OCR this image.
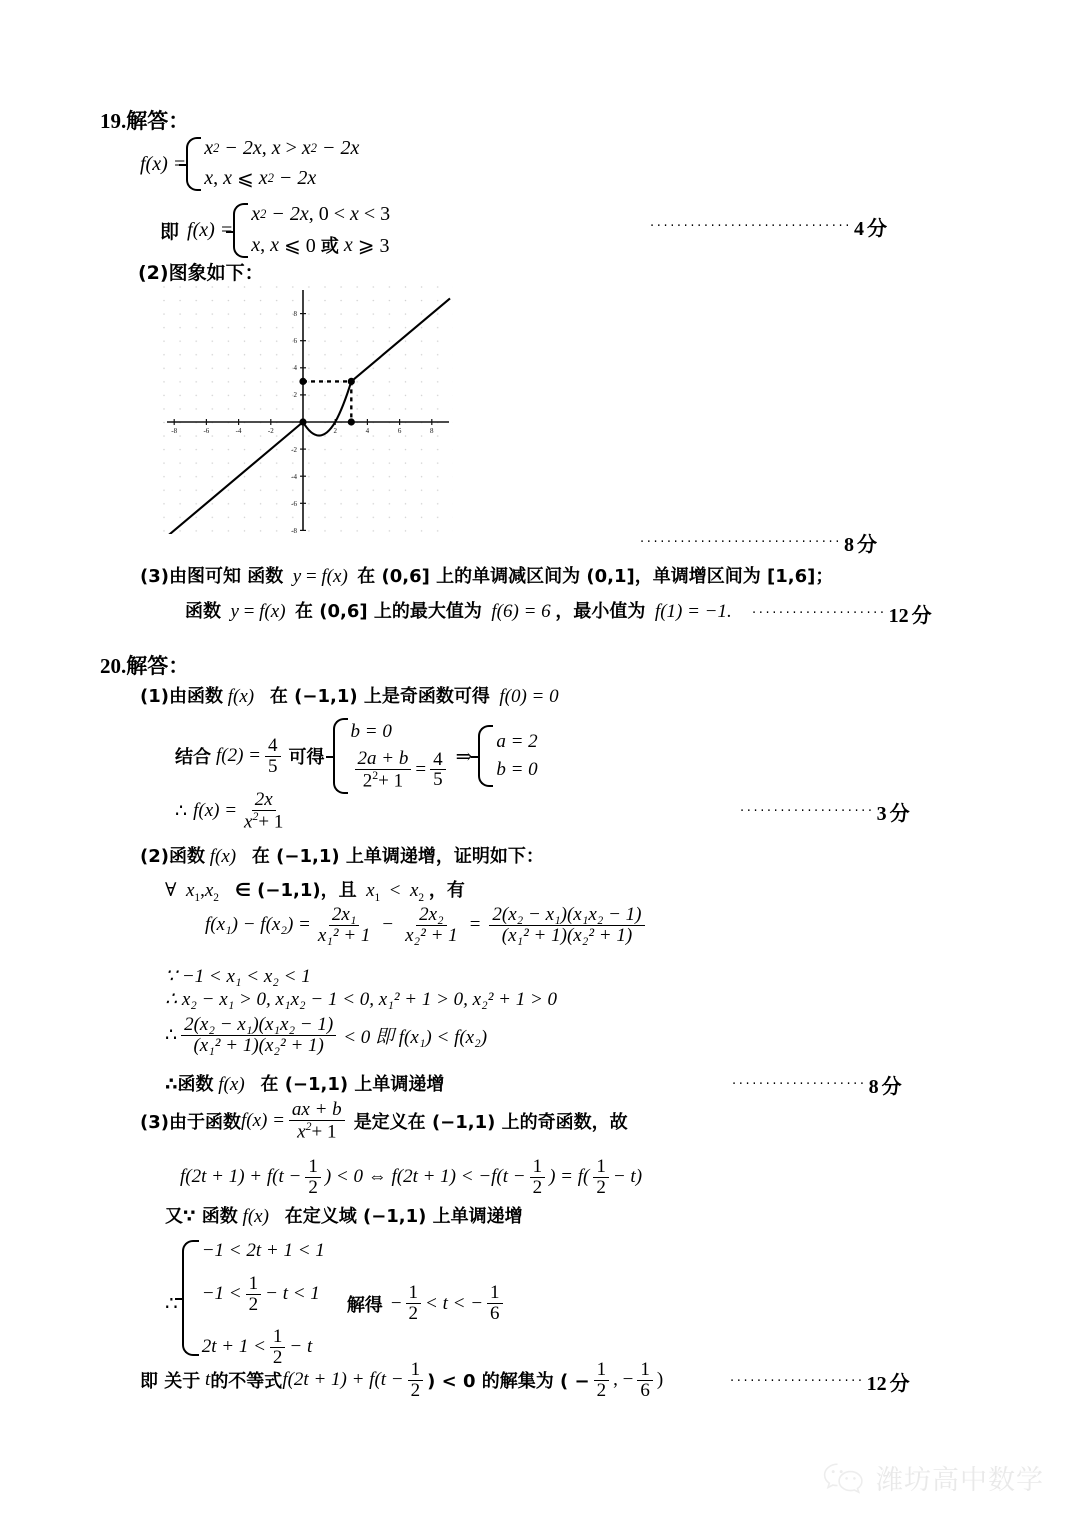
19.解答：
f(x) =
x 2 − 2x , x > x 2 − 2x
x , x ⩽ x 2 − 2x
即 f(x) =
x 2 − 2x , 0 < x < 3
x , x ⩽ 0 或
x ⩾ 3
······························ 4 分
(2)图象如下：
-8	-6	-4	-2	2	4	6	8
8
6
4
2
-2
-4
-6
-8
······························ 8 分
(3)由图可知 函数  y = f(x)  在 (0,6] 上的单调减区间为 (0,1]，单调增区间为 [1,6]；
函数  y = f(x)  在 (0,6] 上的最大值为 f(6) = 6 ，最小值为 f(1) = −1. ···················· 12 分
20.解答：
(1)由函数 f(x) 在 (−1,1) 上是奇函数可得 f(0) = 0
结合 $f(2) = \frac{4}{5}$ 可得
b = 0
$\frac{2a + b}{2^2+ 1} = \frac{4}{5}$ ⇒
a = 2
b = 0
∴ $f(x) = \frac{2x}{x^2+ 1}$	···················· 3 分
(2)函数 f(x) 在 (−1,1) 上单调递增，证明如下：
∀  $x_1,x_2$ ∈ (−1,1)，且  $x_1 < x_2$ ，有
$f(x_1) - f(x_2) = \frac{\text{2x₁}}{\text{x₁² + 1}} - \frac{\text{2x₂}}{\text{x₂² + 1}} = \frac{\text{2(x₂ − x₁)(x₁x₂ − 1)}}{\text{(x₁² + 1)(x₂² + 1)}}$
∵ −1 < x₁ < x₂ < 1
∴ x₂ − x₁ > 0, x₁x₂ − 1 < 0, x₁² + 1 > 0, x₂² + 1 > 0
∴ $\frac{\text{2(x₂ − x₁)(x₁x₂ − 1)}}{\text{(x₁² + 1)(x₂² + 1)}} < 0$ 即 f(x₁) < f(x₂)
∴函数 f(x) 在 (−1,1) 上单调递增	···················· 8 分
(3)由于函数 $f(x) = \frac{ax + b}{x^2+ 1}$ 是定义在 (−1,1) 上的奇函数，故
$f(2t + 1) + f(t - \frac{1}{2}$ ) < 0 ⇔ $f(2t + 1) < -f(t - \frac{1}{2}$ ) = $f( \frac{1}{2} - t)$
又∵ 函数 f(x) 在定义域 (−1,1) 上单调递增
∴
−1 < 2t + 1 < 1
$-1 < \frac{1}{2} - t < 1$
$2t + 1 < \frac{1}{2} - t$
解得 − $\frac{1}{2} < t$ < − $\frac{1}{6}$
即 关于
t 的不等式 $f(2t + 1) + f(t - \frac{1}{2}$ ) < 0 的解集为 ( − $\frac{1}{2}$ , − $\frac{1}{6}$ )	···················· 12 分
潍坊高中数学
